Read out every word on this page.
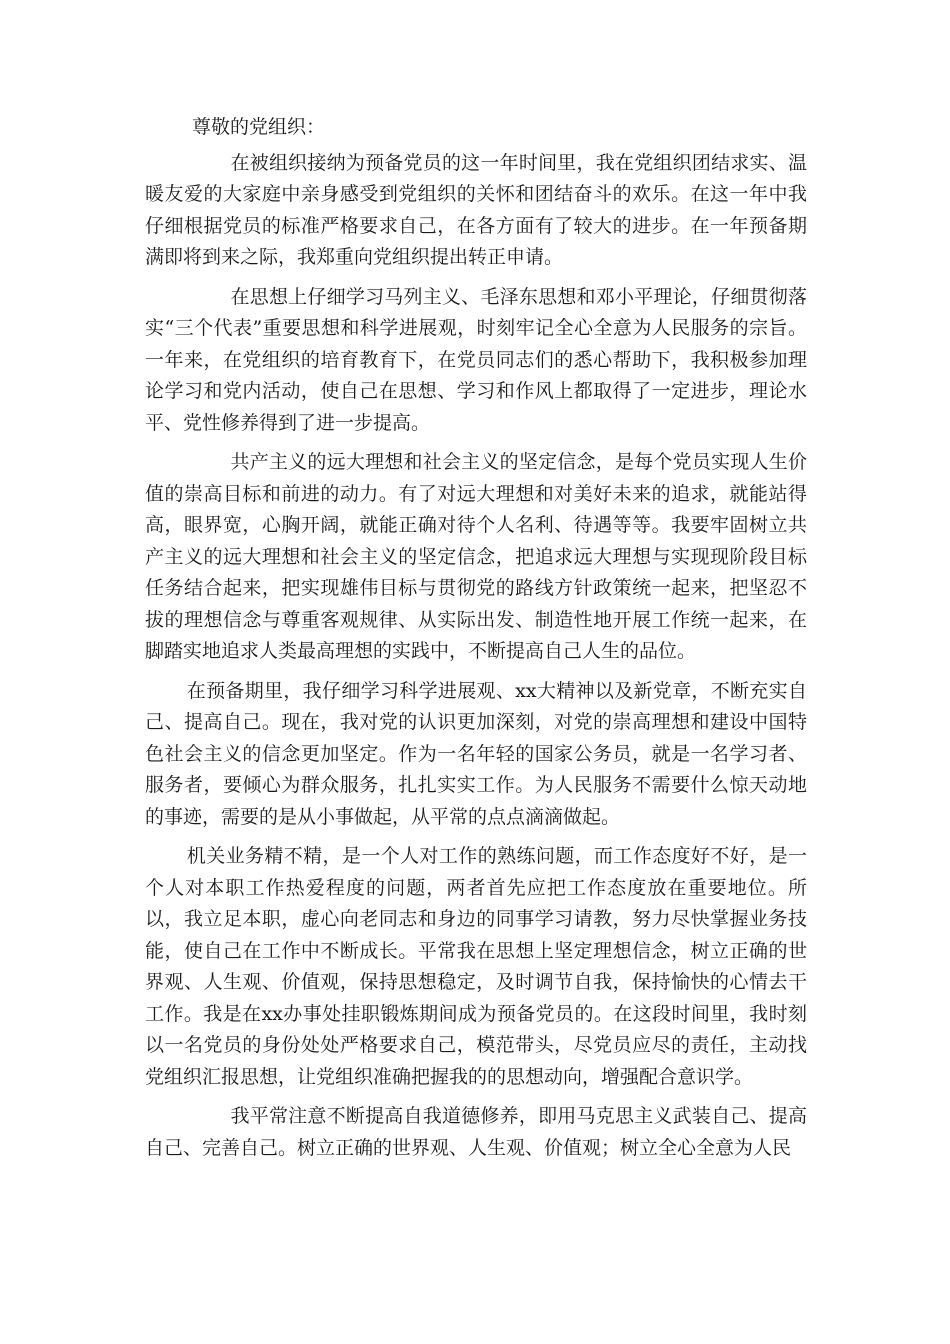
尊敬的党组织：

在被组织接纳为预备党员的这一年时间里，我在党组织团结求实、温暖友爱的大家庭中亲身感受到党组织的关怀和团结奋斗的欢乐。在这一年中我仔细根据党员的标准严格要求自己，在各方面有了较大的进步。在一年预备期满即将到来之际，我郑重向党组织提出转正申请。

在思想上仔细学习马列主义、毛泽东思想和邓小平理论，仔细贯彻落实“三个代表”重要思想和科学进展观，时刻牢记全心全意为人民服务的宗旨。一年来，在党组织的培育教育下，在党员同志们的悉心帮助下，我积极参加理论学习和党内活动，使自己在思想、学习和作风上都取得了一定进步，理论水平、党性修养得到了进一步提高。

共产主义的远大理想和社会主义的坚定信念，是每个党员实现人生价值的崇高目标和前进的动力。有了对远大理想和对美好未来的追求，就能站得高，眼界宽，心胸开阔，就能正确对待个人名利、待遇等等。我要牢固树立共产主义的远大理想和社会主义的坚定信念，把追求远大理想与实现现阶段目标任务结合起来，把实现雄伟目标与贯彻党的路线方针政策统一起来，把坚忍不拔的理想信念与尊重客观规律、从实际出发、制造性地开展工作统一起来，在脚踏实地追求人类最高理想的实践中，不断提高自己人生的品位。

在预备期里，我仔细学习科学进展观、xx大精神以及新党章，不断充实自己、提高自己。现在，我对党的认识更加深刻，对党的崇高理想和建设中国特色社会主义的信念更加坚定。作为一名年轻的国家公务员，就是一名学习者、服务者，要倾心为群众服务，扎扎实实工作。为人民服务不需要什么惊天动地的事迹，需要的是从小事做起，从平常的点点滴滴做起。

机关业务精不精，是一个人对工作的熟练问题，而工作态度好不好，是一个人对本职工作热爱程度的问题，两者首先应把工作态度放在重要地位。所以，我立足本职，虚心向老同志和身边的同事学习请教，努力尽快掌握业务技能，使自己在工作中不断成长。平常我在思想上坚定理想信念，树立正确的世界观、人生观、价值观，保持思想稳定，及时调节自我，保持愉快的心情去干工作。我是在xx办事处挂职锻炼期间成为预备党员的。在这段时间里，我时刻以一名党员的身份处处严格要求自己，模范带头，尽党员应尽的责任，主动找党组织汇报思想，让党组织准确把握我的的思想动向，增强配合意识学。

我平常注意不断提高自我道德修养，即用马克思主义武装自己、提高自己、完善自己。树立正确的世界观、人生观、价值观；树立全心全意为人民
